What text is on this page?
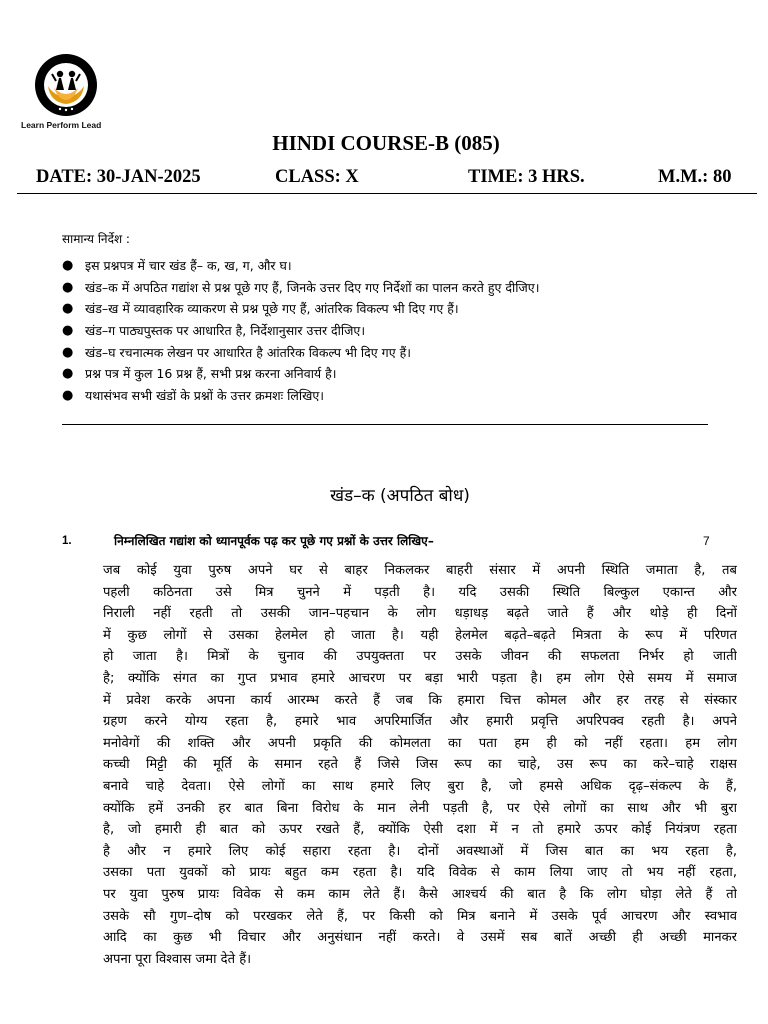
Learn Perform Lead
HINDI COURSE-B (085)
DATE: 30-JAN-2025	CLASS: X	TIME: 3 HRS.	M.M.: 80
सामान्य निर्देश :
● इस प्रश्नपत्र में चार खंड हैं– क, ख, ग, और घ।
● खंड–क में अपठित गद्यांश से प्रश्न पूछे गए हैं, जिनके उत्तर दिए गए निर्देशों का पालन करते हुए दीजिए।
● खंड–ख में व्यावहारिक व्याकरण से प्रश्न पूछे गए हैं, आंतरिक विकल्प भी दिए गए हैं।
● खंड–ग पाठ्यपुस्तक पर आधारित है, निर्देशानुसार उत्तर दीजिए।
● खंड–घ रचनात्मक लेखन पर आधारित है आंतरिक विकल्प भी दिए गए हैं।
● प्रश्न पत्र में कुल 16 प्रश्न हैं, सभी प्रश्न करना अनिवार्य है।
● यथासंभव सभी खंडों के प्रश्नों के उत्तर क्रमशः लिखिए।
खंड–क (अपठित बोध)
1.	निम्नलिखित गद्यांश को ध्यानपूर्वक पढ़ कर पूछे गए प्रश्नों के उत्तर लिखिए–	7
जब कोई युवा पुरुष अपने घर से बाहर निकलकर बाहरी संसार में अपनी स्थिति जमाता है, तब
पहली कठिनता उसे मित्र चुनने में पड़ती है। यदि उसकी स्थिति बिल्कुल एकान्त और
निराली नहीं रहती तो उसकी जान–पहचान के लोग धड़ाधड़ बढ़ते जाते हैं और थोड़े ही दिनों
में कुछ लोगों से उसका हेलमेल हो जाता है। यही हेलमेल बढ़ते–बढ़ते मित्रता के रूप में परिणत
हो जाता है। मित्रों के चुनाव की उपयुक्तता पर उसके जीवन की सफलता निर्भर हो जाती
है; क्योंकि संगत का गुप्त प्रभाव हमारे आचरण पर बड़ा भारी पड़ता है। हम लोग ऐसे समय में समाज
में प्रवेश करके अपना कार्य आरम्भ करते हैं जब कि हमारा चित्त कोमल और हर तरह से संस्कार
ग्रहण करने योग्य रहता है, हमारे भाव अपरिमार्जित और हमारी प्रवृत्ति अपरिपक्व रहती है। अपने
मनोवेगों की शक्ति और अपनी प्रकृति की कोमलता का पता हम ही को नहीं रहता। हम लोग
कच्ची मिट्टी की मूर्ति के समान रहते हैं जिसे जिस रूप का चाहे, उस रूप का करे–चाहे राक्षस
बनावे चाहे देवता। ऐसे लोगों का साथ हमारे लिए बुरा है, जो हमसे अधिक दृढ़–संकल्प के हैं,
क्योंकि हमें उनकी हर बात बिना विरोध के मान लेनी पड़ती है, पर ऐसे लोगों का साथ और भी बुरा
है, जो हमारी ही बात को ऊपर रखते हैं, क्योंकि ऐसी दशा में न तो हमारे ऊपर कोई नियंत्रण रहता
है और न हमारे लिए कोई सहारा रहता है। दोनों अवस्थाओं में जिस बात का भय रहता है,
उसका पता युवकों को प्रायः बहुत कम रहता है। यदि विवेक से काम लिया जाए तो भय नहीं रहता,
पर युवा पुरुष प्रायः विवेक से कम काम लेते हैं। कैसे आश्चर्य की बात है कि लोग घोड़ा लेते हैं तो
उसके सौ गुण–दोष को परखकर लेते हैं, पर किसी को मित्र बनाने में उसके पूर्व आचरण और स्वभाव
आदि का कुछ भी विचार और अनुसंधान नहीं करते। वे उसमें सब बातें अच्छी ही अच्छी मानकर
अपना पूरा विश्वास जमा देते हैं।
